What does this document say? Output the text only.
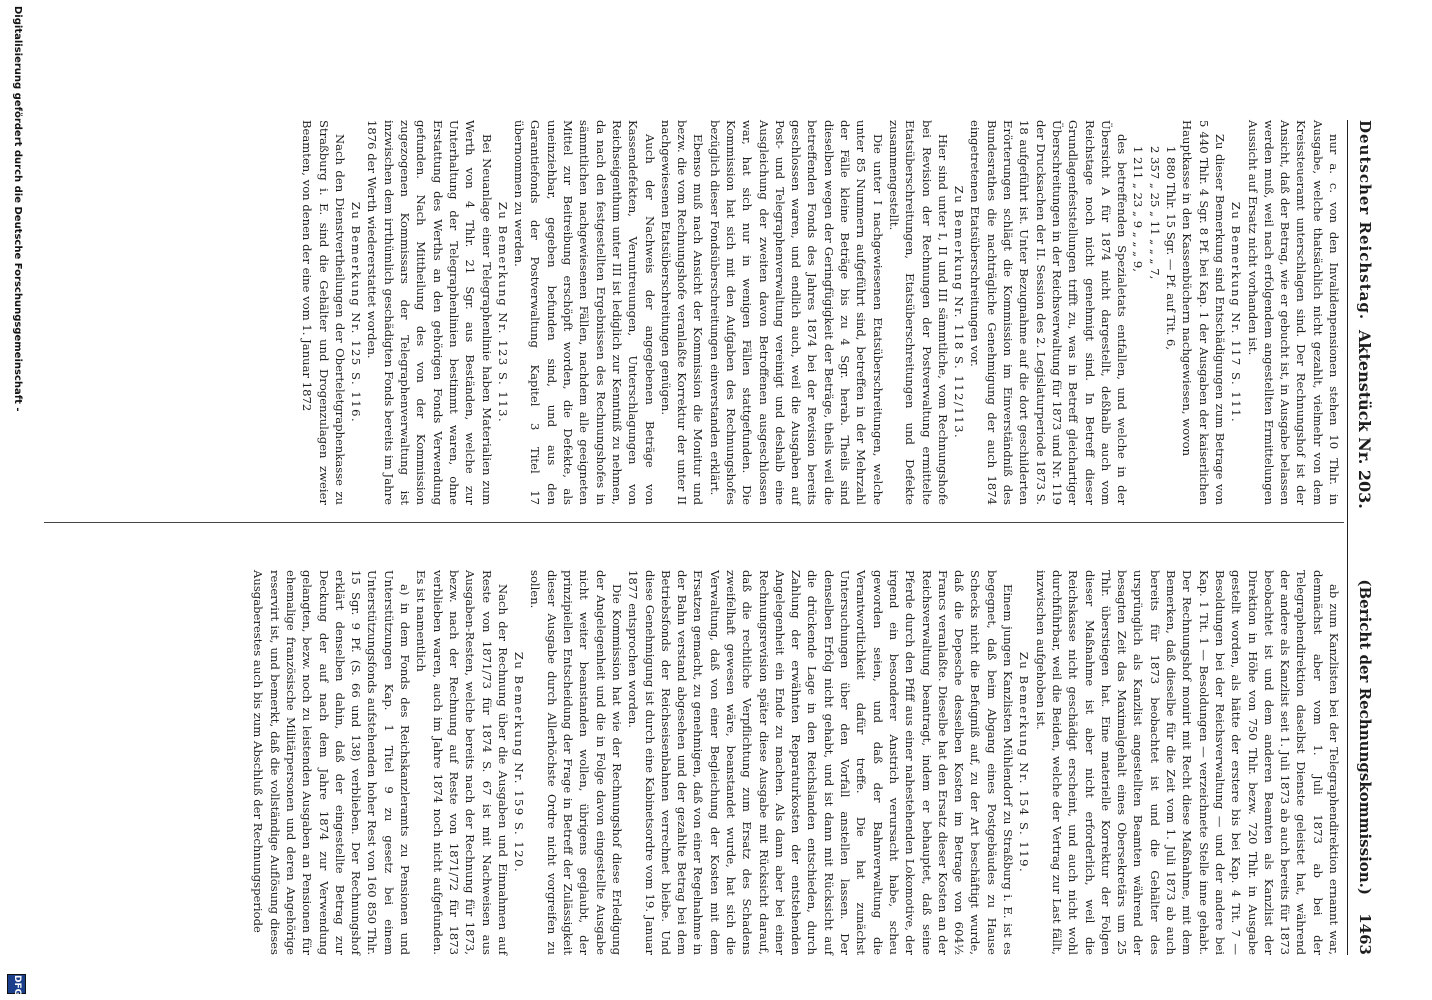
Deutscher Reichstag.
Aktenstück Nr. 203.
(Bericht der Rechnungskommission.)
1463

nur a. c. von den Invalidenpensionen stehen 10 Thlr. in Ausgabe, welche thatsächlich nicht gezahlt, vielmehr von dem Kreissteueramt unterschlagen sind. Der Rechnungshof ist der Ansicht, daß der Betrag, wie er gebucht ist, in Ausgabe belassen werden muß, weil nach erfolgendem angestellten Ermittelungen Aussicht auf Ersatz nicht vorhanden ist.

Zu Bemerkung Nr. 117 S. 111.

Zu dieser Bemerkung sind Entschädigungen zum Betrage von 5 440 Thlr. 4 Sgr. 8 Pf. bei Kap. 1 der Ausgaben der kaiserlichen Hauptkasse in den Kassenbüchern nachgewiesen, wovon

1 880 Thlr. 15 Sgr. — Pf. auf Tit. 6,

2 357 „ 25 „ 11 „ „ „ 7,

1 211 „ 23 „ 9 „ „ „ 9,

des betreffenden Spezialetats entfallen, und welche in der Übersicht A für 1874 nicht dargestellt, deßhalb auch vom Reichstage noch nicht genehmigt sind. In Betreff dieser Grundlagenfeststellungen trifft zu, was in Betreff gleichartiger Überschreitungen in der Reichsverwaltung für 1873 und Nr. 119 der Drucksachen der II. Session des 2. Legislaturperiode 1873 S. 18 aufgeführt ist. Unter Bezugnahme auf die dort geschilderten Erörterungen schlägt die Kommission im Einverständniß des Bundesrathes die nachträgliche Genehmigung der auch 1874 eingetretenen Etatsüberschreitungen vor.

Zu Bemerkung Nr. 118 S. 112/113.

Hier sind unter I, II und III sämmtliche, vom Rechnungshofe bei Revision der Rechnungen der Postverwaltung ermittelte Etatsüberschreitungen, Etatsüberschreitungen und Defekte zusammengestellt.

Die unter I nachgewiesenen Etatsüberschreitungen, welche unter 85 Nummern aufgeführt sind, betreffen in der Mehrzahl der Fälle kleine Beträge bis zu 4 Sgr. herab. Theils sind dieselben wegen der Geringfügigkeit der Beträge, theils weil die betreffenden Fonds des Jahres 1874 bei der Revision bereits geschlossen waren, und endlich auch, weil die Ausgaben auf Post- und Telegraphenverwaltung vereinigt und deshalb eine Ausgleichung der zweiten davon Betroffenen ausgeschlossen war, hat sich nur in wenigen Fällen stattgefunden. Die Kommission hat sich mit den Aufgaben des Rechnungshofes bezüglich dieser Fondsüberschreitungen einverstanden erklärt.

Ebenso muß nach Ansicht der Kommission die Monitur und bezw. die vom Rechnungshofe veranlaßte Korrektur der unter II nachgewiesenen Etatsüberschreitungen genügen.

Auch der Nachweis der angegebenen Beträge von Kassendefekten, Veruntreuungen, Unterschlagungen von Reichseigenthum unter III ist lediglich zur Kenntniß zu nehmen, da nach den festgestellten Ergebnissen des Rechnungshofes in sämmtlichen nachgewiesenen Fällen, nachdem alle geeigneten Mittel zur Beitreibung erschöpft worden, die Defekte, als uneinziehbar, gegeben befunden sind, und aus den Garantiefonds der Postverwaltung Kapitel 3 Titel 17 übernommen zu werden.

Zu Bemerkung Nr. 123 S. 113.

Bei Neuanlage einer Telegraphenlinie haben Materialien zum Werth von 4 Thlr. 21 Sgr. aus Beständen, welche zur Unterhaltung der Telegraphenlinien bestimmt waren, ohne Erstattung des Werths an den gehörigen Fonds Verwendung gefunden. Nach Mittheilung des von der Kommission zugezogenen Kommissars der Telegraphenverwaltung ist inzwischen dem irrthümlich geschädigten Fonds bereits im Jahre 1876 der Werth wiedererstattet worden.

Zu Bemerkung Nr. 125 S. 116.

Nach den Dienstvertheilungen der Oberteletgraphenkasse zu Straßburg i. E. sind die Gehälter und Drogenzulagen zweier Beamten, von denen der eine vom 1. Januar 1872

ab zum Kanzlisten bei der Telegraphendirektion ernannt war, demnächst aber vom 1. Juli 1873 ab bei der Telegraphendirektion daselbst Dienste geleistet hat, während der andere als Kanzlist seit 1. Juli 1873 ab auch bereits für 1873 beobachtet ist und dem anderen Beamten als Kanzlist der Direktion in Höhe von 750 Thlr. bezw. 720 Thlr. in Ausgabe gestellt worden, als hätte der erstere bis bei Kap. 4 Tit. 7 — Besoldungen bei der Reichsverwaltung — und der andere bei Kap. 1 Tit. 1 — Besoldungen — verzeichnete Stelle inne gehabt. Der Rechnungshof monirt mit Recht diese Maßnahme, mit dem Bemerken, daß dieselbe für die Zeit vom 1. Juli 1873 ab auch bereits für 1873 beobachtet ist und die Gehälter des ursprünglich als Kanzlist angestellten Beamten während der besagten Zeit das Maximalgehalt eines Obersekretärs um 25 Thlr. überstiegen hat. Eine materielle Korrektur der Folgen dieser Maßnahme ist aber nicht erforderlich, weil die Reichskasse nicht geschädigt erscheint, und auch nicht wohl durchführbar, weil die Beiden, welche der Vertrag zur Last fällt, inzwischen aufgehoben ist.

Zu Bemerkung Nr. 154 S. 119.

Einem jungen Kanzlisten Mühlendorf zu Straßburg i. E. ist es begegnet, daß beim Abgang eines Postgebäudes zu Hause Schecks nicht die Befugniß auf, zu der Art beschäftigt wurde, daß die Depesche desselben Kosten im Betrage von 604½ Francs veranlaßte. Dieselbe hat den Ersatz dieser Kosten an der Reichsverwaltung beantragt, indem er behauptet, daß seine Pferde durch den Pfiff aus einer nahestehenden Lokomotive, der irgend ein besonderer Anstrich verursacht habe, scheu geworden seien, und daß der Bahnverwaltung die Verantwortlichkeit dafür treffe. Die hat zunächst Untersuchungen über den Vorfall anstellen lassen. Der denselben Erfolg nicht gehabt, und ist dann mit Rücksicht auf die drückende Lage in den Reichslanden entschieden, durch Zahlung der erwähnten Reparaturkosten der entstehenden Angelegenheit ein Ende zu machen. Als dann aber bei einer Rechnungsrevision später diese Ausgabe mit Rücksicht darauf, daß die rechtliche Verpflichtung zum Ersatz des Schadens zweifelhaft gewesen wäre, beanstandet wurde, hat sich die Verwaltung, daß von einer Begleichung der Kosten mit dem Ersatzen gemacht, zu genehmigen, daß von einer Regelnahme in der Bahn verstand abgesehen und der gezahlte Betrag bei dem Betriebsfonds der Reichseisenbahnen verrechnet bleibe. Und diese Genehmigung ist durch eine Kabinetsordre vom 19. Januar 1877 entsprochen worden.

Die Kommission hat wie der Rechnungshof diese Erledigung der Angelegenheit und die in Folge davon eingestellte Ausgabe nicht weiter beanstanden wollen, übrigens geglaubt, der prinzipiellen Entscheidung der Frage in Betreff der Zulässigkeit dieser Ausgabe durch Allerhöchste Ordre nicht vorgreifen zu sollen.

Zu Bemerkung Nr. 159 S. 120.

Nach der Rechnung über die Ausgaben und Einnahmen auf Reste von 1871/73 für 1874 S. 67 ist mit Nachweisen aus Ausgaben-Resten, welche bereits nach der Rechnung für 1873, bezw. nach der Rechnung auf Reste von 1871/72 für 1873 verblieben waren, auch im Jahre 1874 noch nicht aufgefunden. Es ist namentlich

a) in dem Fonds des Reichskanzleramts zu Pensionen und Unterstützungen Kap. 1 Titel 9 zu gesetz bei einem Unterstützungsfonds aufstehenden hoher Rest von 160 850 Thlr. 15 Sgr. 9 Pf. (S. 66 und 138) verblieben. Der Rechnungshof erklärt denselben dahin, daß der eingestellte Betrag zur Deckung der auf nach dem Jahre 1874 zur Verwendung gelangten, bezw. noch zu leistenden Ausgaben an Pensionen für ehemalige französische Militärpersonen und deren Angehörige reservirt ist, und bemerkt, daß die vollständige Auflösung dieses Ausgaberestes auch bis zum Abschluß der Rechnungsperiode

Digitalisierung gefördert durch die Deutsche Forschungsgemeinschaft -
DFG
